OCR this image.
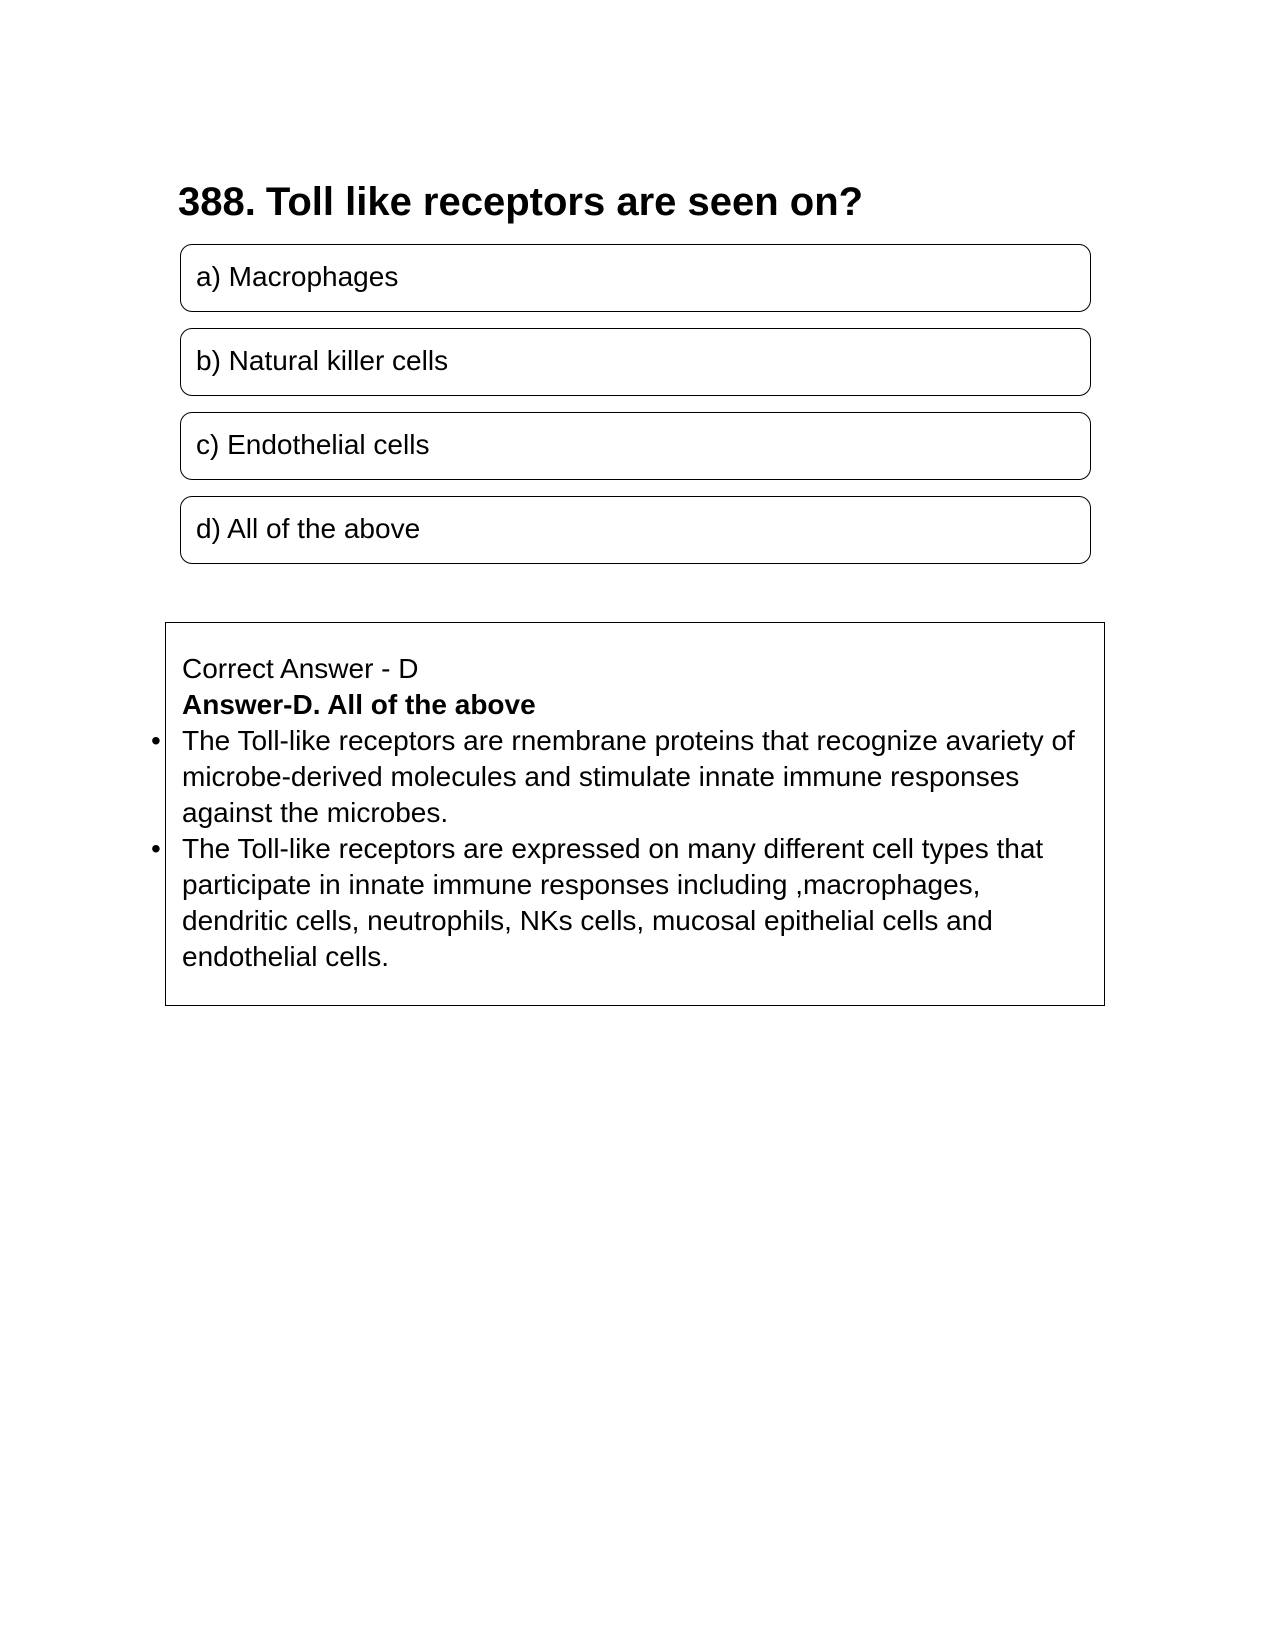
388. Toll like receptors are seen on?
a) Macrophages
b) Natural killer cells
c) Endothelial cells
d) All of the above
Correct Answer - D
Answer-D. All of the above
• The Toll-like receptors are rnembrane proteins that recognize avariety of microbe-derived molecules and stimulate innate immune responses against the microbes.
• The Toll-like receptors are expressed on many different cell types that participate in innate immune responses including ,macrophages, dendritic cells, neutrophils, NKs cells, mucosal epithelial cells and endothelial cells.
